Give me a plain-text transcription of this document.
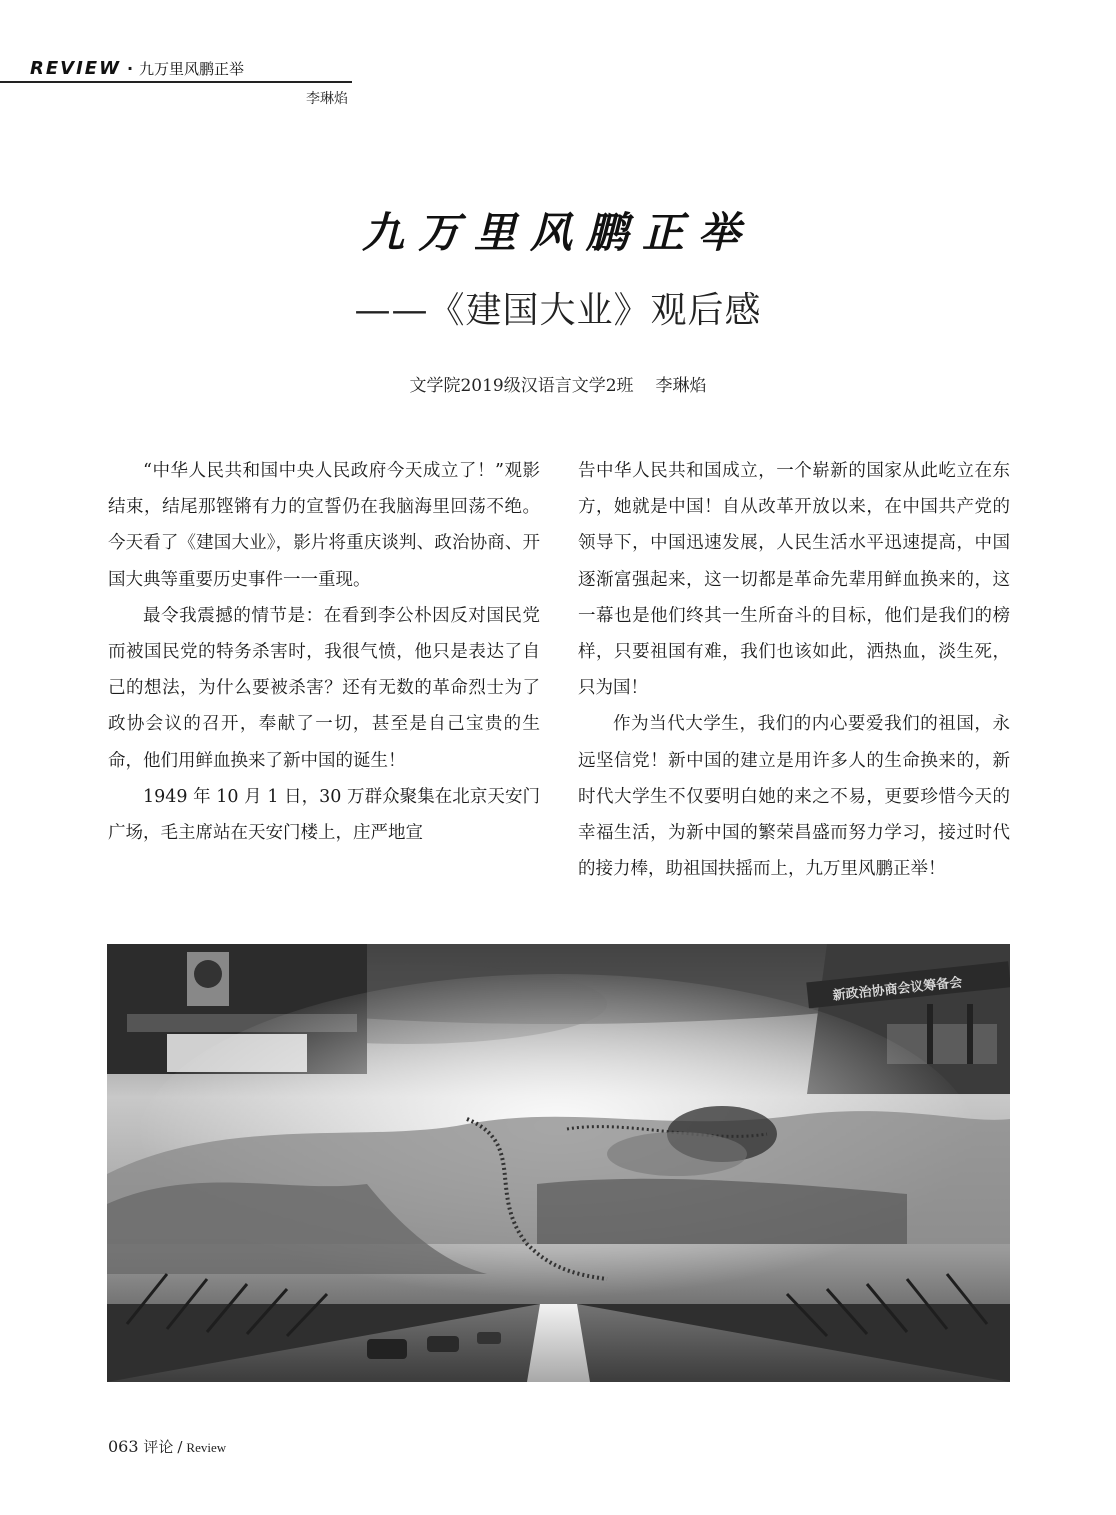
REVIEW · 九万里风鹏正举
李琳焰
九万里风鹏正举
——《建国大业》观后感
文学院2019级汉语言文学2班 李琳焰

“中华人民共和国中央人民政府今天成立了！”观影结束，结尾那铿锵有力的宣誓仍在我脑海里回荡不绝。今天看了《建国大业》，影片将重庆谈判、政治协商、开国大典等重要历史事件一一重现。

最令我震撼的情节是：在看到李公朴因反对国民党而被国民党的特务杀害时，我很气愤，他只是表达了自己的想法，为什么要被杀害？还有无数的革命烈士为了政协会议的召开，奉献了一切，甚至是自己宝贵的生命，他们用鲜血换来了新中国的诞生！

1949 年 10 月 1 日，30 万群众聚集在北京天安门广场，毛主席站在天安门楼上，庄严地宣

告中华人民共和国成立，一个崭新的国家从此屹立在东方，她就是中国！自从改革开放以来，在中国共产党的领导下，中国迅速发展，人民生活水平迅速提高，中国逐渐富强起来，这一切都是革命先辈用鲜血换来的，这一幕也是他们终其一生所奋斗的目标，他们是我们的榜样，只要祖国有难，我们也该如此，洒热血，淡生死，只为国！

作为当代大学生，我们的内心要爱我们的祖国，永远坚信党！新中国的建立是用许多人的生命换来的，新时代大学生不仅要明白她的来之不易，更要珍惜今天的幸福生活，为新中国的繁荣昌盛而努力学习，接过时代的接力棒，助祖国扶摇而上，九万里风鹏正举！

新政治协商会议筹备会
063 评论 / Review
